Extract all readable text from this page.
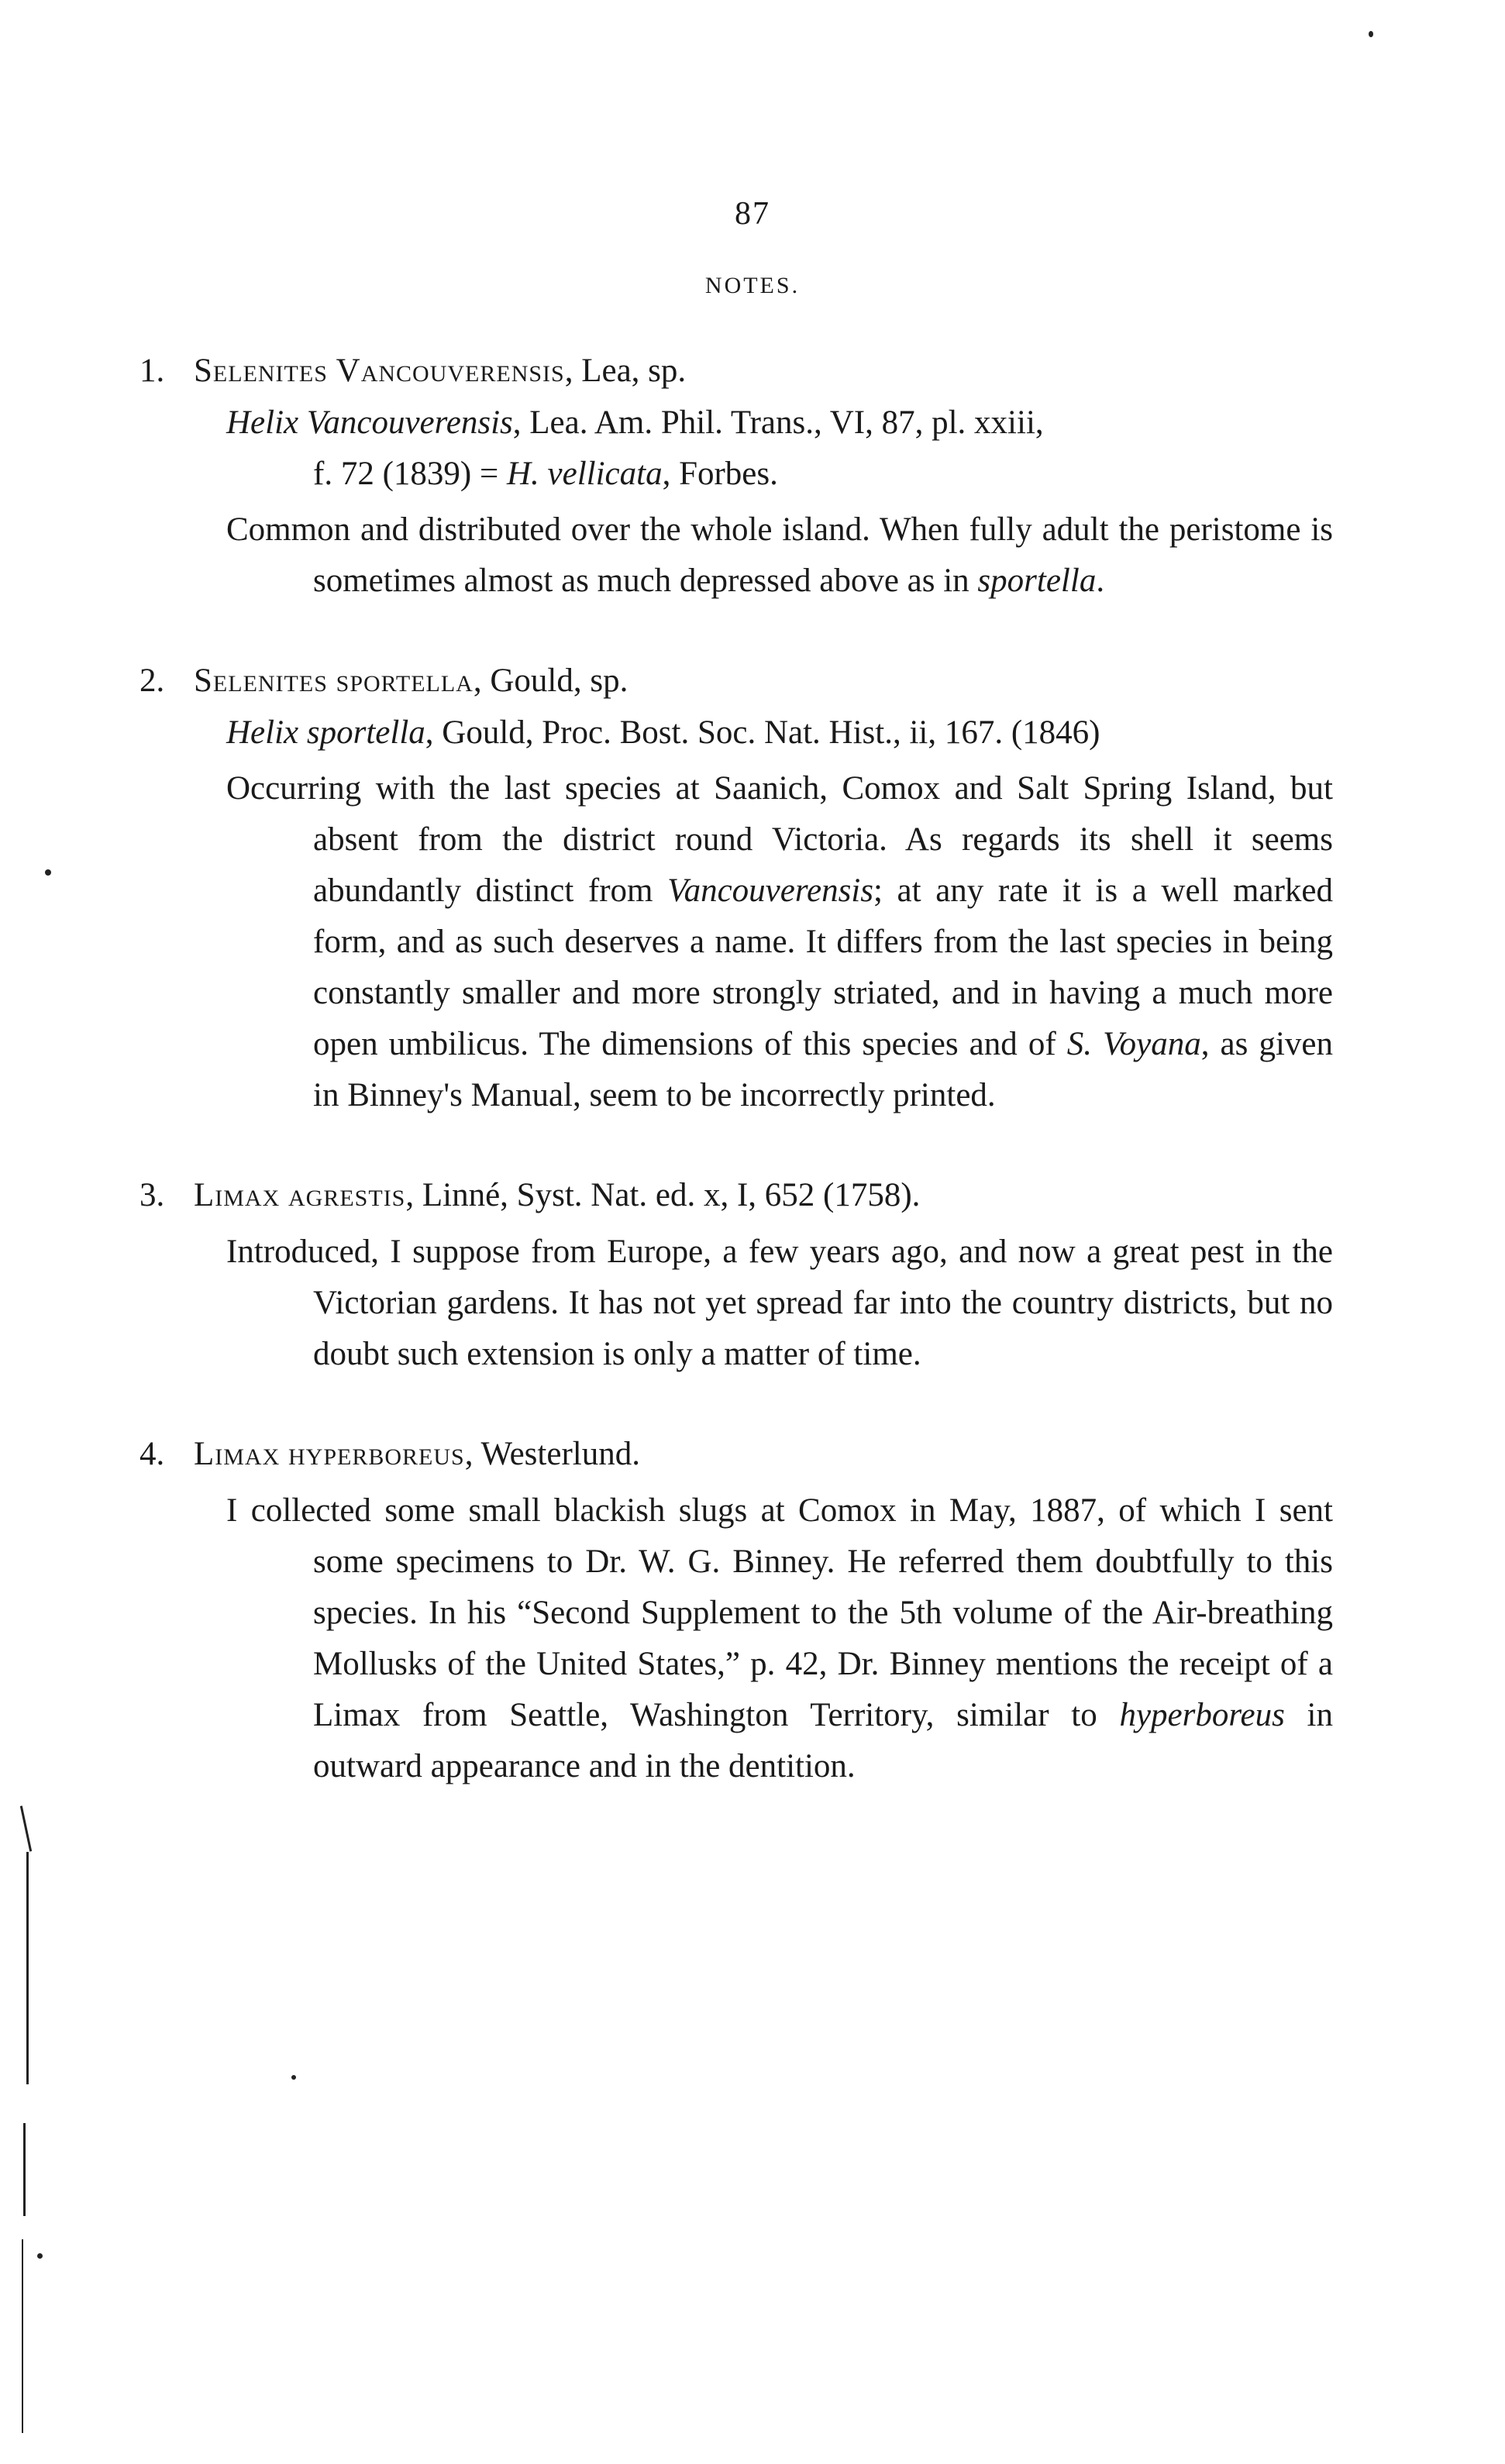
87
NOTES.
1. Selenites Vancouverensis, Lea, sp.
Helix Vancouverensis, Lea. Am. Phil. Trans., VI, 87, pl. xxiii,
f. 72 (1839) = H. vellicata, Forbes.
Common and distributed over the whole island. When fully adult the peristome is sometimes almost as much depressed above as in sportella.
2. Selenites sportella, Gould, sp.
Helix sportella, Gould, Proc. Bost. Soc. Nat. Hist., ii, 167. (1846)
Occurring with the last species at Saanich, Comox and Salt Spring Island, but absent from the district round Victoria. As regards its shell it seems abundantly distinct from Vancouverensis; at any rate it is a well marked form, and as such deserves a name. It differs from the last species in being constantly smaller and more strongly striated, and in having a much more open umbilicus. The dimensions of this species and of S. Voyana, as given in Binney's Manual, seem to be incorrectly printed.
3. Limax agrestis, Linné, Syst. Nat. ed. x, I, 652 (1758).
Introduced, I suppose from Europe, a few years ago, and now a great pest in the Victorian gardens. It has not yet spread far into the country districts, but no doubt such extension is only a matter of time.
4. Limax hyperboreus, Westerlund.
I collected some small blackish slugs at Comox in May, 1887, of which I sent some specimens to Dr. W. G. Binney. He referred them doubtfully to this species. In his “Second Supplement to the 5th volume of the Air-breathing Mollusks of the United States,” p. 42, Dr. Binney mentions the receipt of a Limax from Seattle, Washington Territory, similar to hyperboreus in outward appearance and in the dentition.
